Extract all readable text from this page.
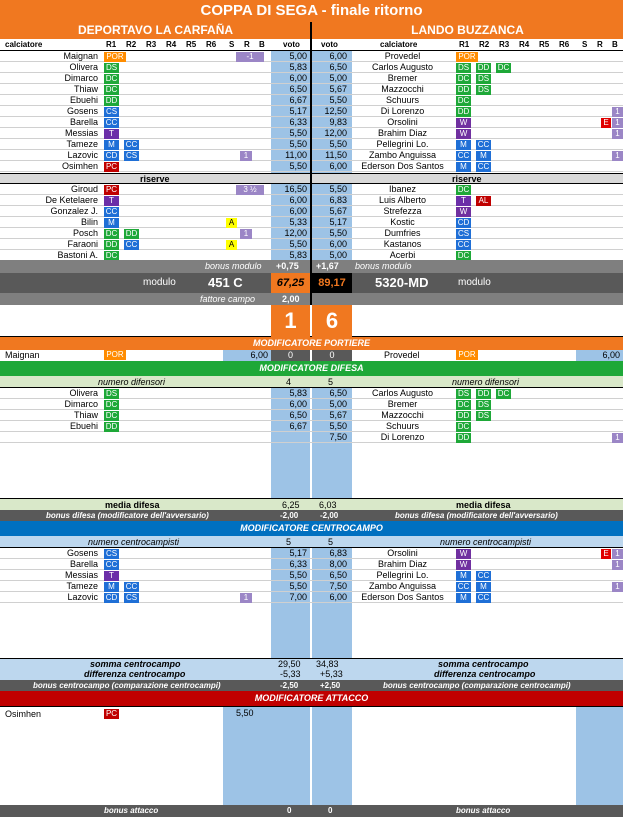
COPPA DI SEGA - finale ritorno
DEPORTAVO LA CARFAÑA	LANDO BUZZANCA
calciatore	R1 R2 R3 R4 R5 R6 S R B voto	voto	calciatore	R1 R2 R3 R4 R5 R6 S R B
Maignan POR	-1	5,00	6,00	Provedel	POR
Olivera DS	5,83	6,50	Carlos Augusto	DS DD DC
Dimarco DC	6,00	5,00	Bremer	DC DS
Thiaw DC	6,50	5,67	Mazzocchi	DD DS
Ebuehi DD	6,67	5,50	Schuurs	DC
Gosens CS	5,17	12,50	Di Lorenzo	DD	1
Barella CC	6,33	9,83	Orsolini	W	E 1
Messias	T	5,50	12,00	Brahim Diaz	W	1
Tameze	M	CC	5,50	5,50	Pellegrini Lo.	M	CC
Lazovic CD CS	1	11,00	11,50	Zambo Anguissa	CC	M	1
Osimhen PC	5,50	6,00	Ederson Dos Santos	M	CC
riserve	riserve
Giroud PC	3 ½	16,50	5,50	Ibanez	DC
De Ketelaere	T	6,00	6,83	Luis Alberto	T	AL
Gonzalez J. CC	6,00	5,67	Strefezza	W
Bilin	M	A	5,33	5,17	Kostic	CD
Posch DC DD	1	12,00	5,50	Dumfries	CS
Faraoni DD CC	A	5,50	6,00	Kastanos	CC
Bastoni A. DC	5,83	5,00	Acerbi	DC
bonus modulo +0,75 +1,67 bonus modulo
modulo 451 C	67,25	89,17	5320-MD	modulo
fattore campo	2,00
1	6
MODIFICATORE PORTIERE
Maignan	POR	6,00	0	0	Provedel	POR	6,00
MODIFICATORE DIFESA
numero difensori	4	5	numero difensori
Olivera DS	5,83	6,50	Carlos Augusto	DS DD DC
Dimarco DC	6,00	5,00	Bremer	DC DS
Thiaw DC	6,50	5,67	Mazzocchi	DD DS
Ebuehi DD	6,67	5,50	Schuurs	DC
7,50	Di Lorenzo	DD	1
media difesa	6,25 6,03	media difesa
bonus difesa (modificatore dell'avversario)	-2,00	-2,00	bonus difesa (modificatore dell'avversario)
MODIFICATORE CENTROCAMPO
numero centrocampisti	5	5	numero centrocampisti
Gosens CS	5,17	6,83	Orsolini	W	E 1
Barella CC	6,33	8,00	Brahim Diaz	W	1
Messias	T	5,50	6,50	Pellegrini Lo.	M	CC
Tameze	M	CC	5,50	7,50	Zambo Anguissa	CC	M	1
Lazovic CD CS	1	7,00	6,00	Ederson Dos Santos	M	CC
somma centrocampo	29,50 34,83	somma centrocampo
differenza centrocampo	-5,33 +5,33	differenza centrocampo
bonus centrocampo (comparazione centrocampi)	-2,50	+2,50	bonus centrocampo (comparazione centrocampi)
MODIFICATORE ATTACCO
Osimhen	PC	5,50
bonus attacco	0	0	bonus attacco
